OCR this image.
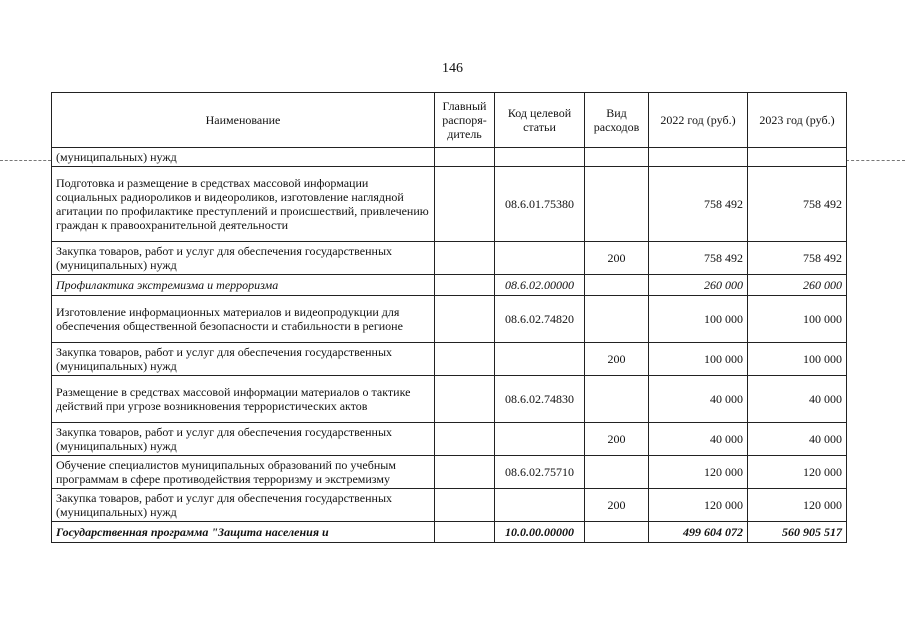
146
Наименование	Главный распоря-дитель	Код целевой статьи	Вид расходов	2022 год (руб.)	2023 год (руб.)
(муниципальных) нужд					
Подготовка и размещение в средствах массовой информации социальных радиороликов и видеороликов, изготовление наглядной агитации по профилактике преступлений и происшествий, привлечению граждан к правоохранительной деятельности		08.6.01.75380		758 492	758 492
Закупка товаров, работ и услуг для обеспечения государственных (муниципальных) нужд			200	758 492	758 492
Профилактика экстремизма и терроризма		08.6.02.00000		260 000	260 000
Изготовление информационных материалов и видеопродукции для обеспечения общественной безопасности и стабильности в регионе		08.6.02.74820		100 000	100 000
Закупка товаров, работ и услуг для обеспечения государственных (муниципальных) нужд			200	100 000	100 000
Размещение в средствах массовой информации материалов о тактике действий при угрозе возникновения террористических актов		08.6.02.74830		40 000	40 000
Закупка товаров, работ и услуг для обеспечения государственных (муниципальных) нужд			200	40 000	40 000
Обучение специалистов муниципальных образований по учебным программам в сфере противодействия терроризму и экстремизму		08.6.02.75710		120 000	120 000
Закупка товаров, работ и услуг для обеспечения государственных (муниципальных) нужд			200	120 000	120 000
Государственная программа "Защита населения и		10.0.00.00000		499 604 072	560 905 517
